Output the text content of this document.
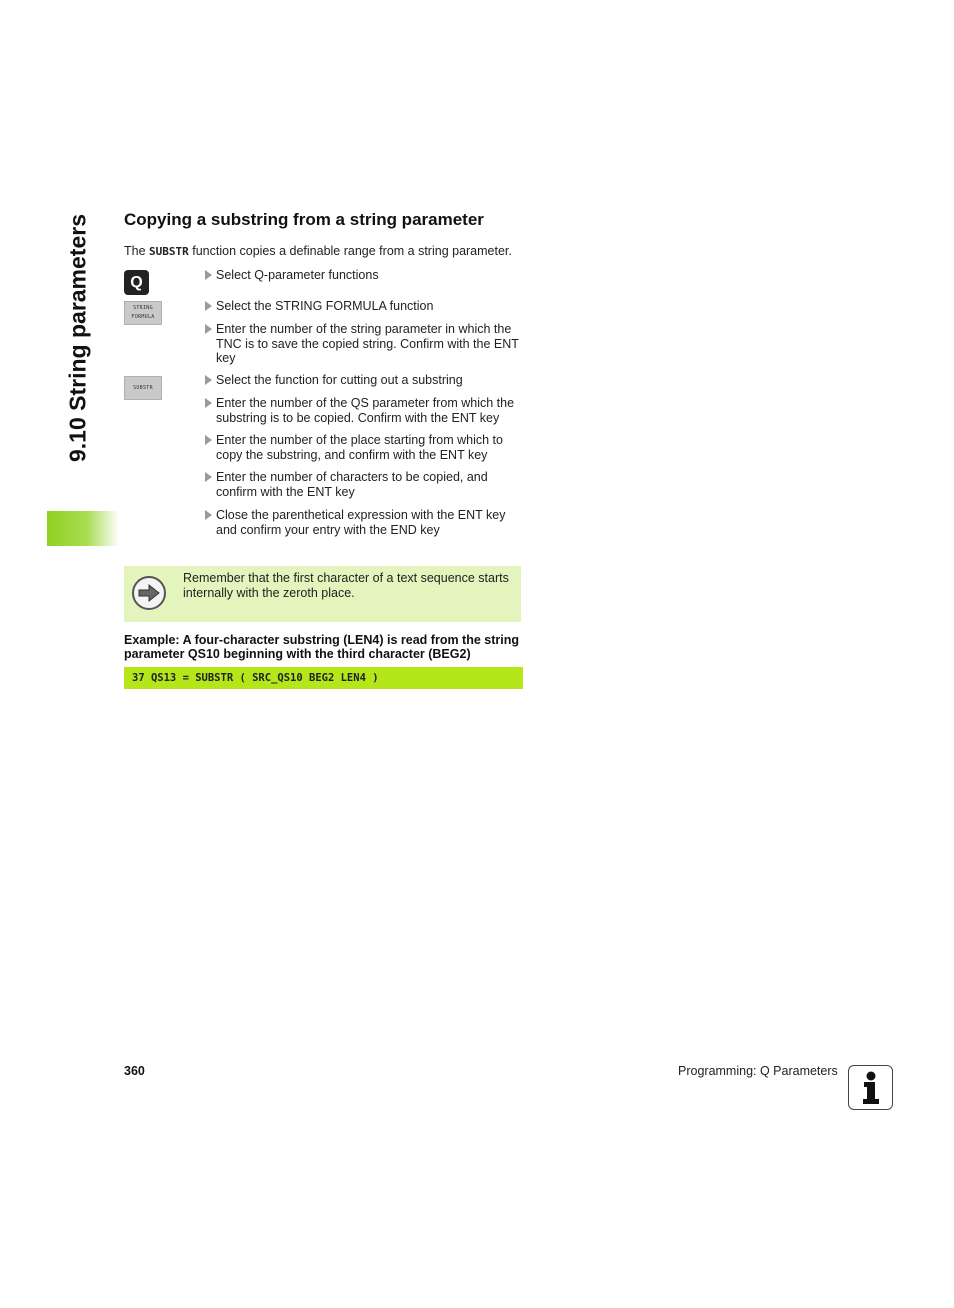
9.10 String parameters Copying a substring from a string parameter

The SUBSTR function copies a definable range from a string parameter.

Q
STRING
FORMULA
SUBSTR
Select Q-parameter functions
Select the STRING FORMULA function
Enter the number of the string parameter in which the TNC is to save the copied string. Confirm with the ENT key
Select the function for cutting out a substring
Enter the number of the QS parameter from which the substring is to be copied. Confirm with the ENT key
Enter the number of the place starting from which to copy the substring, and confirm with the ENT key
Enter the number of characters to be copied, and confirm with the ENT key
Close the parenthetical expression with the ENT key and confirm your entry with the END key
Remember that the first character of a text sequence starts internally with the zeroth place.

Example: A four-character substring (LEN4) is read from the string parameter QS10 beginning with the third character (BEG2)

37 QS13 = SUBSTR ( SRC_QS10 BEG2 LEN4 )
360	Programming: Q Parameters
